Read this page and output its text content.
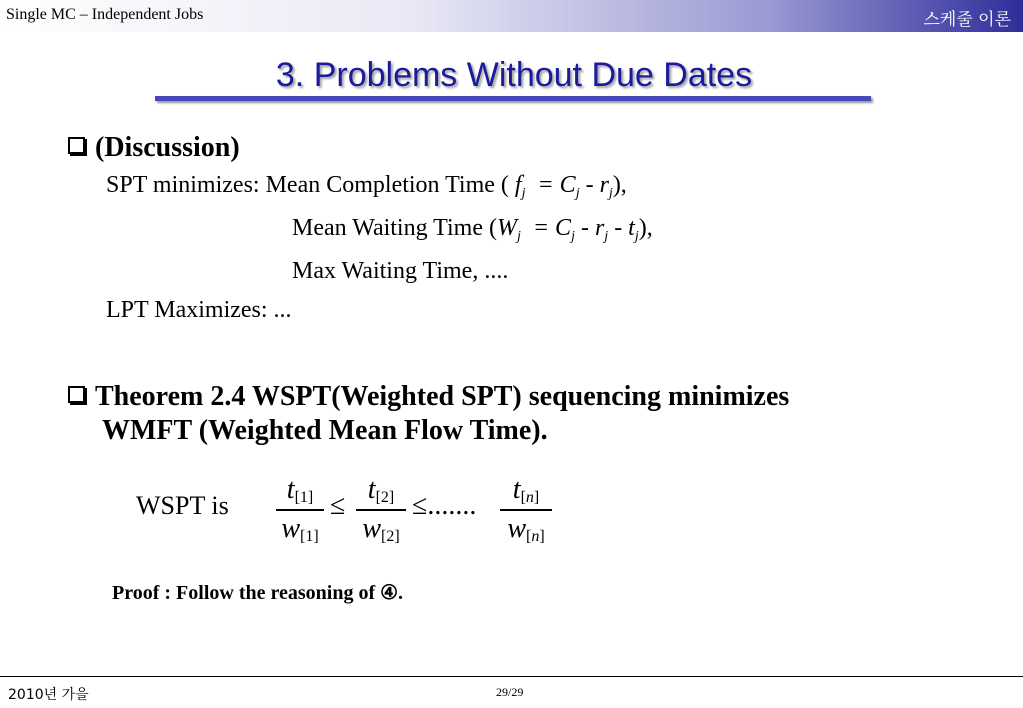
Single MC – Independent Jobs	스케줄 이론
3. Problems Without Due Dates
(Discussion)
SPT minimizes: Mean Completion Time ( $f_j = C_j - r_j$),
Mean Waiting Time $(W_j = C_j - r_j - t_j)$,
Max Waiting Time, ....
LPT Maximizes: ...
Theorem 2.4 WSPT(Weighted SPT) sequencing minimizes
WMFT (Weighted Mean Flow Time).
WSPT is
t[1]
w[1]
≤
t[2]
w[2]
≤.......
t[n]
w[n]
Proof : Follow the reasoning of ④.
2010년 가을	29/29
